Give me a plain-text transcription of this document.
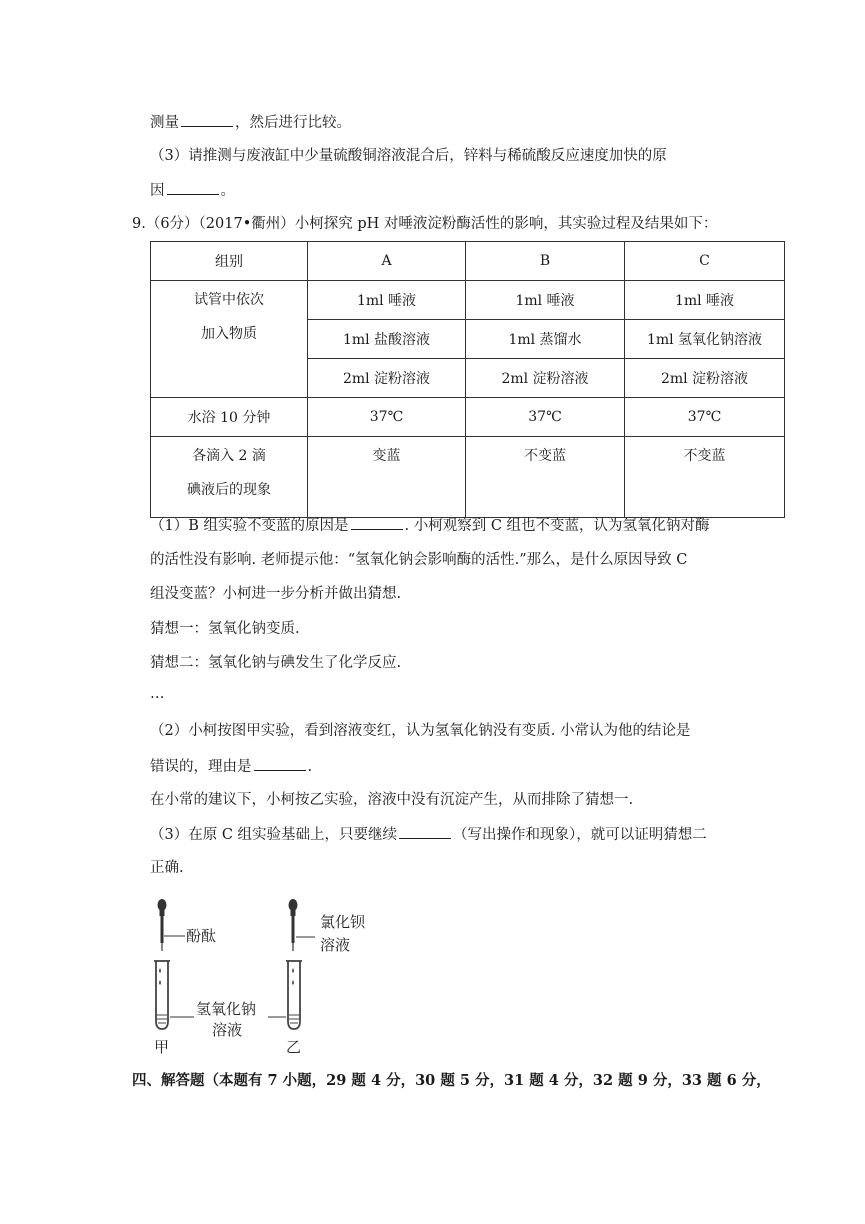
测量	，然后进行比较。
（3）请推测与废液缸中少量硫酸铜溶液混合后，锌料与稀硫酸反应速度加快的原
因	。
9.（6分）（2017•衢州）小柯探究 pH 对唾液淀粉酶活性的影响，其实验过程及结果如下：
组别	A	B	C

试管中依次
加入物质	1ml 唾液	1ml 唾液	1ml 唾液
	1ml 盐酸溶液	1ml 蒸馏水	1ml 氢氧化钠溶液
	2ml 淀粉溶液	2ml 淀粉溶液	2ml 淀粉溶液
水浴 10 分钟	37℃	37℃	37℃

各滴入 2 滴
碘液后的现象	变蓝	不变蓝	不变蓝
（1）B 组实验不变蓝的原因是	. 小柯观察到 C 组也不变蓝，认为氢氧化钠对酶
的活性没有影响. 老师提示他：“氢氧化钠会影响酶的活性.”那么，是什么原因导致 C
组没变蓝？小柯进一步分析并做出猜想.
猜想一：氢氧化钠变质.
猜想二：氢氧化钠与碘发生了化学反应.
…
（2）小柯按图甲实验，看到溶液变红，认为氢氧化钠没有变质. 小常认为他的结论是
错误的，理由是	.
在小常的建议下，小柯按乙实验，溶液中没有沉淀产生，从而排除了猜想一.
（3）在原 C 组实验基础上，只要继续	（写出操作和现象），就可以证明猜想二
正确.
酚酞
甲
氯化钡
溶液
乙
氢氧化钠
溶液
四、解答题（本题有 7 小题，29 题 4 分，30 题 5 分，31 题 4 分，32 题 9 分，33 题 6 分，
